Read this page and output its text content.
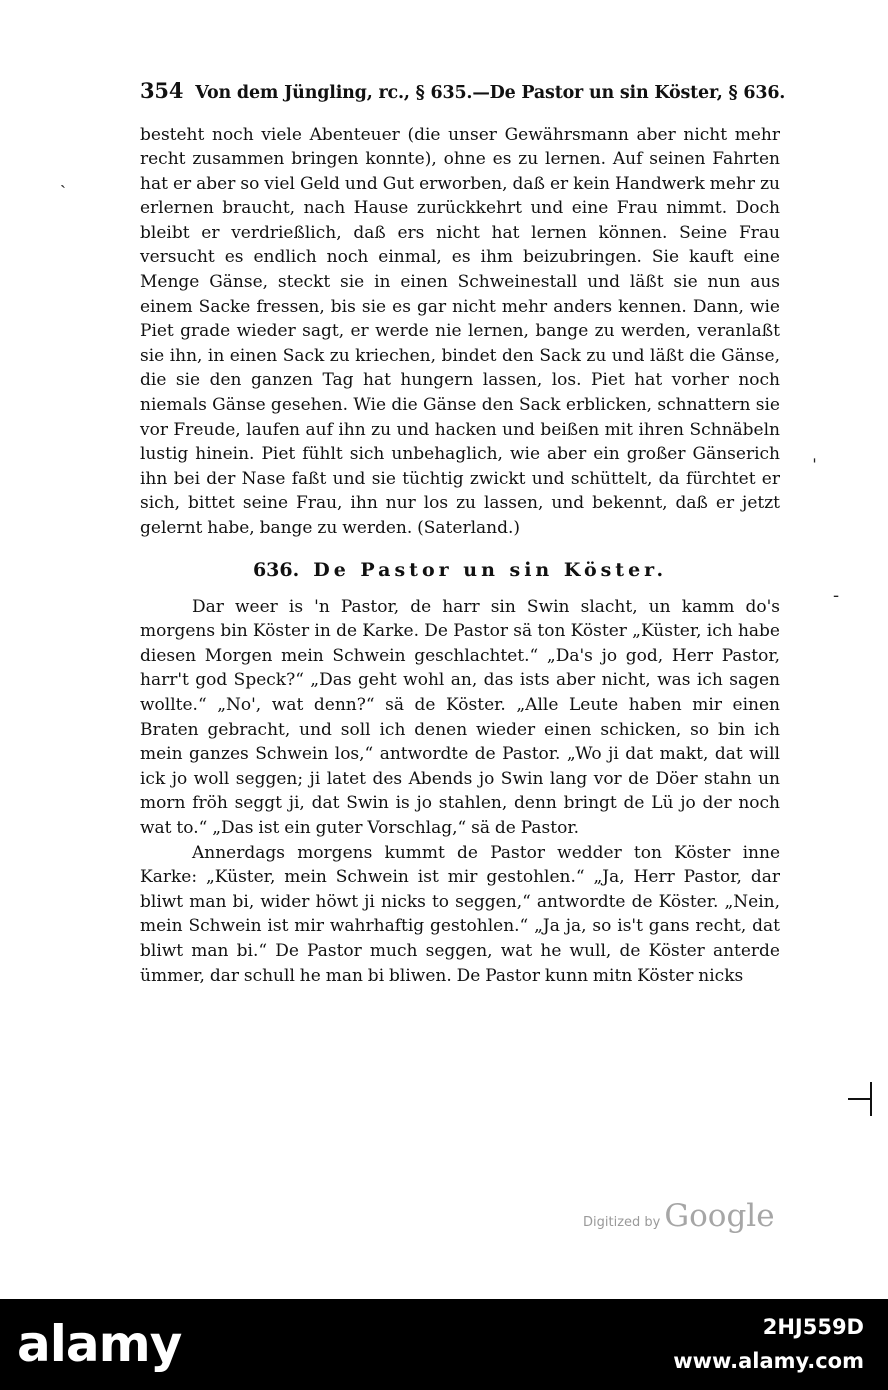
354 Von dem Jüngling, rc., § 635.—De Pastor un sin Köster, § 636.

besteht noch viele Abenteuer (die unser Gewährsmann aber nicht mehr recht zusammen bringen konnte), ohne es zu lernen. Auf seinen Fahrten hat er aber so viel Geld und Gut erworben, daß er kein Handwerk mehr zu erlernen braucht, nach Hause zurückkehrt und eine Frau nimmt. Doch bleibt er verdrießlich, daß ers nicht hat lernen können. Seine Frau versucht es endlich noch einmal, es ihm beizubringen. Sie kauft eine Menge Gänse, steckt sie in einen Schweinestall und läßt sie nun aus einem Sacke fressen, bis sie es gar nicht mehr anders kennen. Dann, wie Piet grade wieder sagt, er werde nie lernen, bange zu werden, veranlaßt sie ihn, in einen Sack zu kriechen, bindet den Sack zu und läßt die Gänse, die sie den ganzen Tag hat hungern lassen, los. Piet hat vorher noch niemals Gänse gesehen. Wie die Gänse den Sack erblicken, schnattern sie vor Freude, laufen auf ihn zu und hacken und beißen mit ihren Schnäbeln lustig hinein. Piet fühlt sich unbehaglich, wie aber ein großer Gänserich ihn bei der Nase faßt und sie tüchtig zwickt und schüttelt, da fürchtet er sich, bittet seine Frau, ihn nur los zu lassen, und bekennt, daß er jetzt gelernt habe, bange zu werden. (Saterland.)

636. De Pastor un sin Köster.

Dar weer is 'n Pastor, de harr sin Swin slacht, un kamm do's morgens bin Köster in de Karke. De Pastor sä ton Köster „Küster, ich habe diesen Morgen mein Schwein geschlachtet.“ „Da's jo god, Herr Pastor, harr't god Speck?“ „Das geht wohl an, das ists aber nicht, was ich sagen wollte.“ „No', wat denn?“ sä de Köster. „Alle Leute haben mir einen Braten gebracht, und soll ich denen wieder einen schicken, so bin ich mein ganzes Schwein los,“ antwordte de Pastor. „Wo ji dat makt, dat will ick jo woll seggen; ji latet des Abends jo Swin lang vor de Döer stahn un morn fröh seggt ji, dat Swin is jo stahlen, denn bringt de Lü jo der noch wat to.“ „Das ist ein guter Vorschlag,“ sä de Pastor.

Annerdags morgens kummt de Pastor wedder ton Köster inne Karke: „Küster, mein Schwein ist mir gestohlen.“ „Ja, Herr Pastor, dar bliwt man bi, wider höwt ji nicks to seggen,“ antwordte de Köster. „Nein, mein Schwein ist mir wahrhaftig gestohlen.“ „Ja ja, so is't gans recht, dat bliwt man bi.“ De Pastor much seggen, wat he wull, de Köster anterde ümmer, dar schull he man bi bliwen. De Pastor kunn mitn Köster nicks

ˏ
ˈ
-
Digitized by Google
alamy	2HJ559D
www.alamy.com
